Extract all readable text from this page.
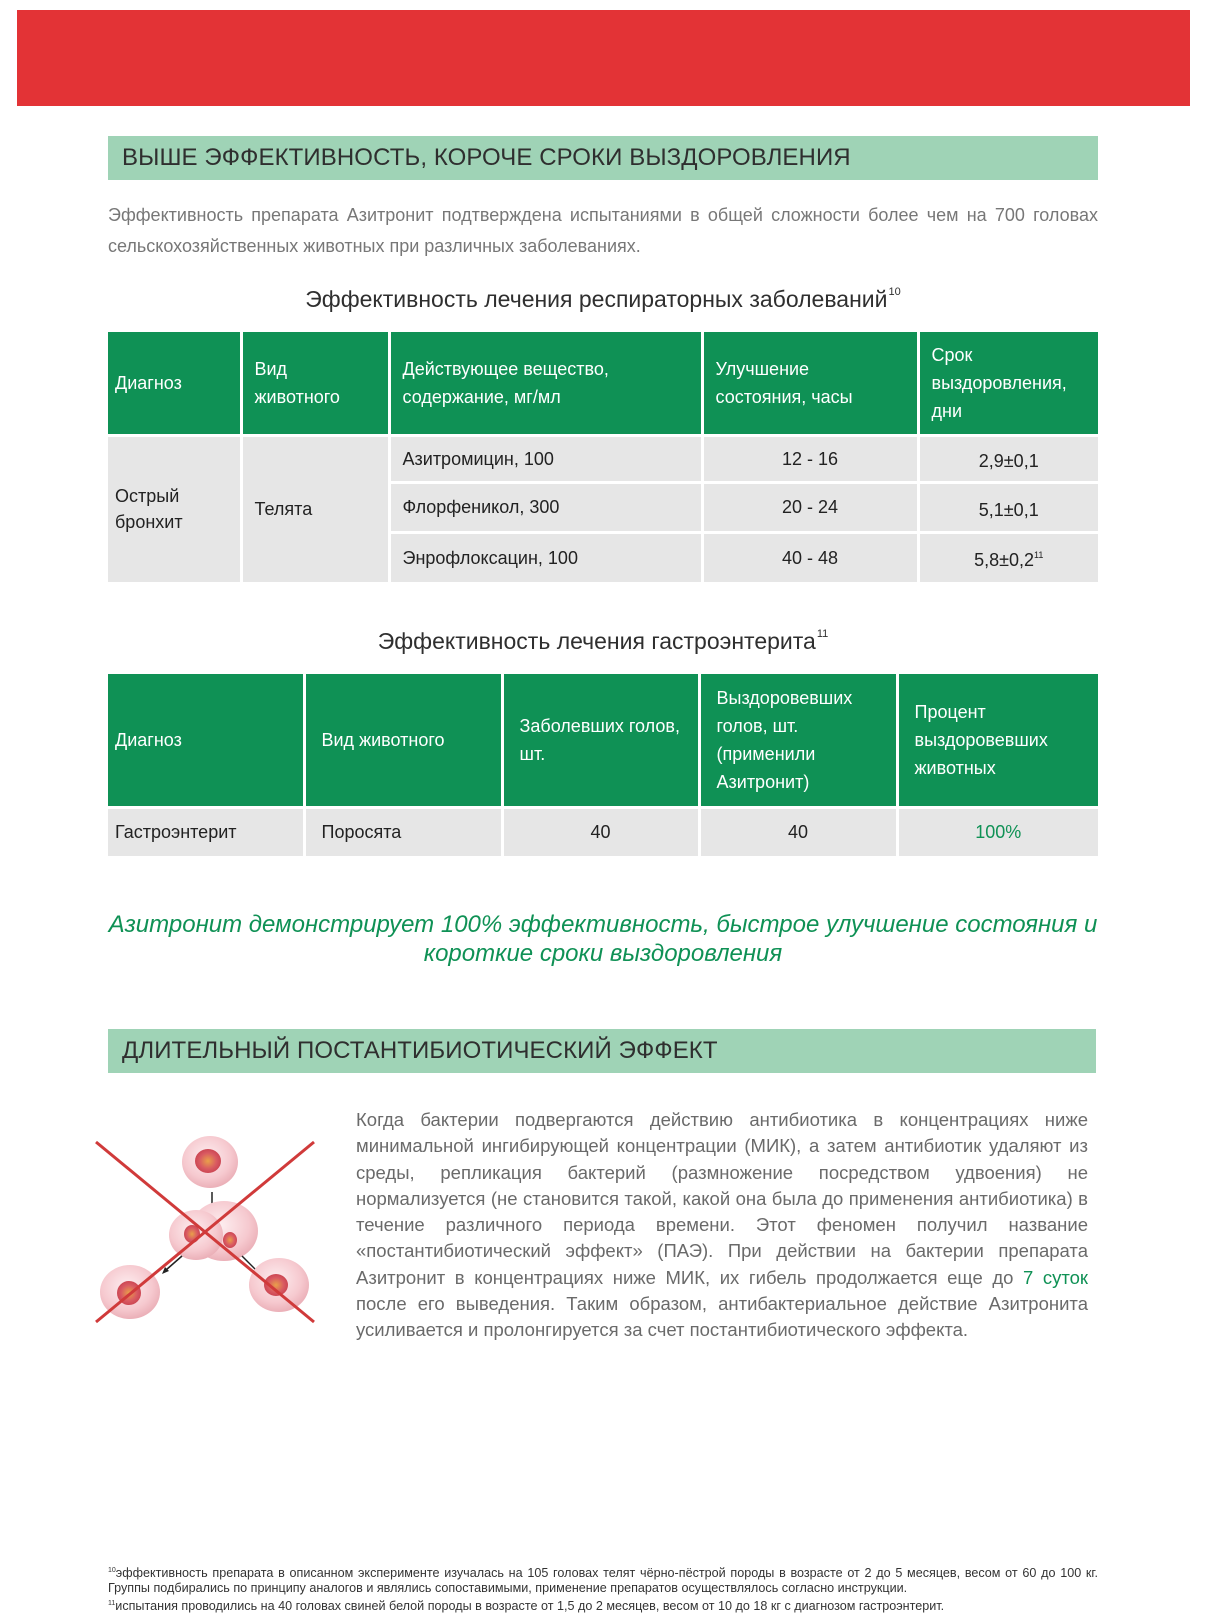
ВЫШЕ ЭФФЕКТИВНОСТЬ, КОРОЧЕ СРОКИ ВЫЗДОРОВЛЕНИЯ
Эффективность препарата Азитронит подтверждена испытаниями в общей сложности более чем на 700 головах сельскохозяйственных животных при различных заболеваниях.
Эффективность лечения респираторных заболеваний$^{10}$
Диагноз	Вид животного	Действующее вещество, содержание, мг/мл	Улучшение состояния, часы	Срок выздоровления, дни
Острый бронхит	Телята	Азитромицин, 100	12 - 16	2,9±0,1
		Флорфеникол, 300	20 - 24	5,1±0,1
		Энрофлоксацин, 100	40 - 48	$5,8\pm 0,2^{11}$
Эффективность лечения гастроэнтерита$^{11}$
Диагноз	Вид животного	Заболевших голов, шт.	Выздоровевших голов, шт. (применили Азитронит)	Процент выздоровевших животных
Гастроэнтерит	Поросята	40	40	100%
Азитронит демонстрирует 100% эффективность, быстрое улучшение состояния и короткие сроки выздоровления
ДЛИТЕЛЬНЫЙ ПОСТАНТИБИОТИЧЕСКИЙ ЭФФЕКТ
Когда бактерии подвергаются действию антибиотика в концентрациях ниже минимальной ингибирующей концентрации (МИК), а затем антибиотик удаляют из среды, репликация бактерий (размножение посредством удвоения) не нормализуется (не становится такой, какой она была до применения антибиотика) в течение различного периода времени. Этот феномен получил название «постантибиотический эффект» (ПАЭ). При действии на бактерии препарата Азитронит в концентрациях ниже МИК, их гибель продолжается еще до 7 суток после его выведения. Таким образом, антибактериальное действие Азитронита усиливается и пролонгируется за счет постантибиотического эффекта.
$^{10}$эффективность препарата в описанном эксперименте изучалась на 105 головах телят чёрно-пёстрой породы в возрасте от 2 до 5 месяцев, весом от 60 до 100 кг. Группы подбирались по принципу аналогов и являлись сопоставимыми, применение препаратов осуществлялось согласно инструкции.
$^{11}$испытания проводились на 40 головах свиней белой породы в возрасте от 1,5 до 2 месяцев, весом от 10 до 18 кг с диагнозом гастроэнтерит.
